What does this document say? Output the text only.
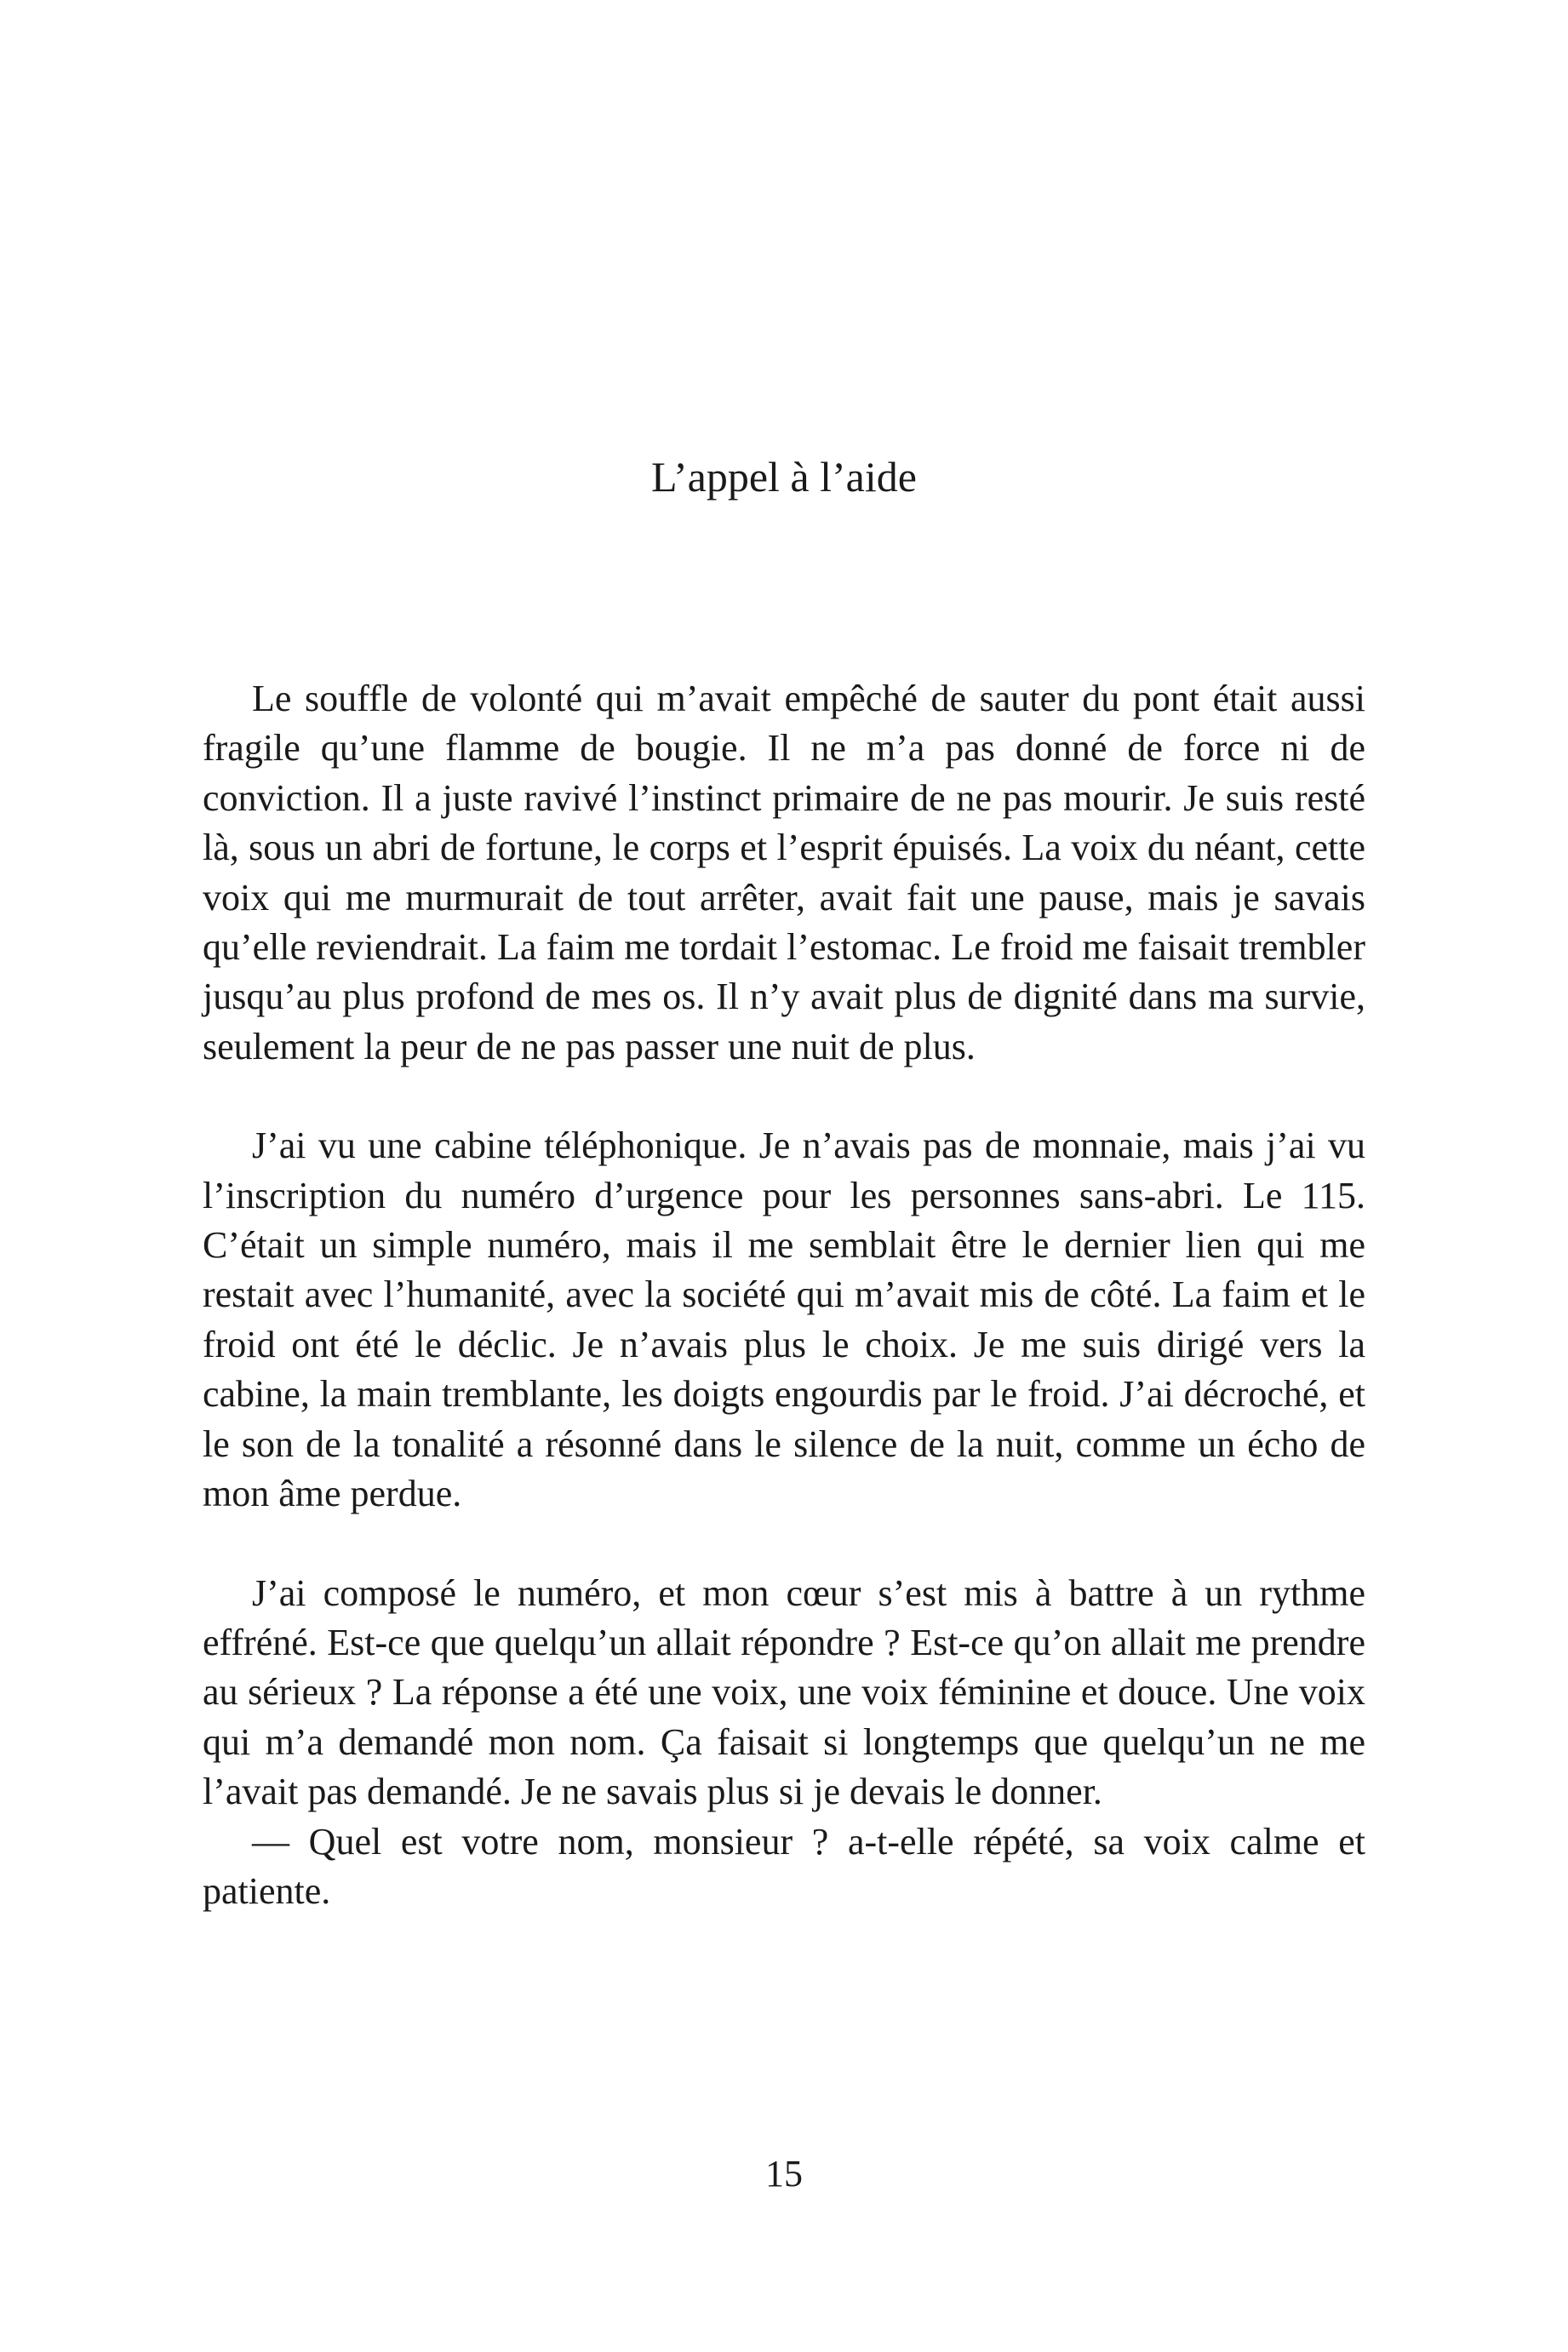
L’appel à l’aide

Le souffle de volonté qui m’avait empêché de sauter du pont était aussi fragile qu’une flamme de bougie. Il ne m’a pas donné de force ni de conviction. Il a juste ravivé l’instinct primaire de ne pas mourir. Je suis resté là, sous un abri de fortune, le corps et l’esprit épuisés. La voix du néant, cette voix qui me murmurait de tout arrêter, avait fait une pause, mais je savais qu’elle reviendrait. La faim me tordait l’estomac. Le froid me faisait trembler jusqu’au plus profond de mes os. Il n’y avait plus de dignité dans ma survie, seulement la peur de ne pas passer une nuit de plus.

J’ai vu une cabine téléphonique. Je n’avais pas de monnaie, mais j’ai vu l’inscription du numéro d’urgence pour les personnes sans-abri. Le 115. C’était un simple numéro, mais il me semblait être le dernier lien qui me restait avec l’humanité, avec la société qui m’avait mis de côté. La faim et le froid ont été le déclic. Je n’avais plus le choix. Je me suis dirigé vers la cabine, la main tremblante, les doigts engourdis par le froid. J’ai décroché, et le son de la tonalité a résonné dans le silence de la nuit, comme un écho de mon âme perdue.

J’ai composé le numéro, et mon cœur s’est mis à battre à un rythme effréné. Est-ce que quelqu’un allait répondre ? Est-ce qu’on allait me prendre au sérieux ? La réponse a été une voix, une voix féminine et douce. Une voix qui m’a demandé mon nom. Ça faisait si longtemps que quelqu’un ne me l’avait pas demandé. Je ne savais plus si je devais le donner.

— Quel est votre nom, monsieur ? a-t-elle répété, sa voix calme et patiente.

15
